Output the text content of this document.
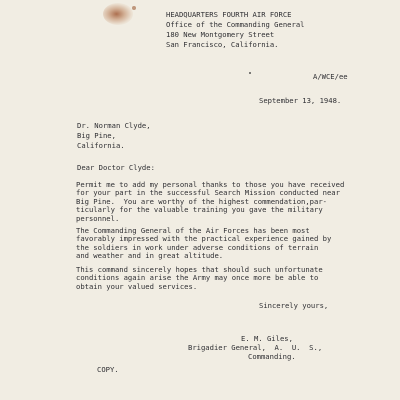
HEADQUARTERS FOURTH AIR FORCE
Office of the Commanding General
180 New Montgomery Street
San Francisco, California.
A/WCE/ee
September 13, 1948.
Dr. Norman Clyde,
Big Pine,
California.
Dear Doctor Clyde:
Permit me to add my personal thanks to those you have received
for your part in the successful Search Mission conducted near
Big Pine.  You are worthy of the highest commendation,par-
ticularly for the valuable training you gave the military
personnel.
The Commanding General of the Air Forces has been most
favorably impressed with the practical experience gained by
the soldiers in work under adverse conditions of terrain
and weather and in great altitude.
This command sincerely hopes that should such unfortunate
conditions again arise the Army may once more be able to
obtain your valued services.
Sincerely yours,
E. M. Giles,
Brigadier General,  A.  U.  S.,
Commanding.
COPY.
